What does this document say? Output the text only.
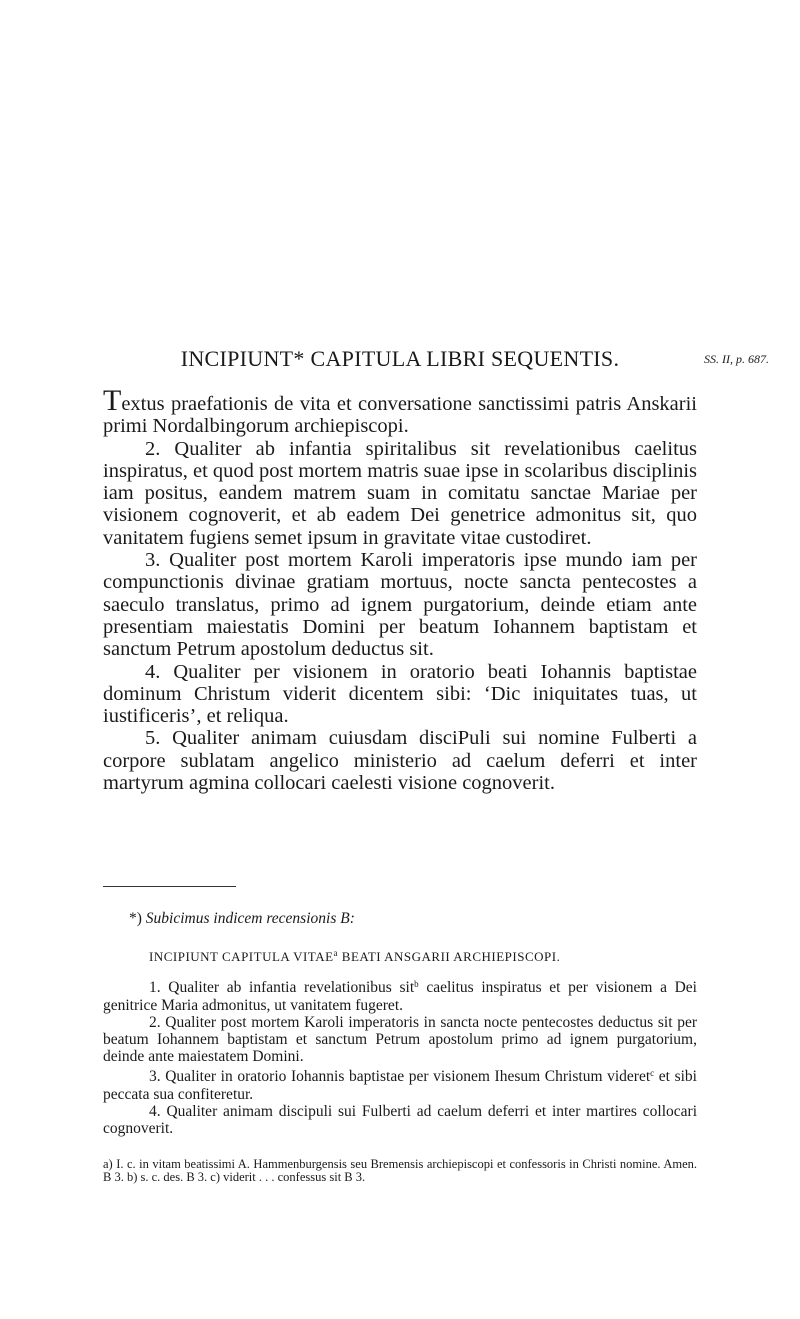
INCIPIUNT* CAPITULA LIBRI SEQUENTIS.	SS. II, p. 687.

Textus praefationis de vita et conversatione sanctissimi patris Anskarii primi Nordalbingorum archiepiscopi.

2. Qualiter ab infantia spiritalibus sit revelationibus caelitus inspiratus, et quod post mortem matris suae ipse in scolaribus disciplinis iam positus, eandem matrem suam in comitatu sanctae Mariae per visionem cognoverit, et ab eadem Dei genetrice admonitus sit, quo vanitatem fugiens semet ipsum in gravitate vitae custodiret.

3. Qualiter post mortem Karoli imperatoris ipse mundo iam per compunctionis divinae gratiam mortuus, nocte sancta pentecostes a saeculo translatus, primo ad ignem purgatorium, deinde etiam ante presentiam maiestatis Domini per beatum Iohannem baptistam et sanctum Petrum apostolum deductus sit.

4. Qualiter per visionem in oratorio beati Iohannis baptistae dominum Christum viderit dicentem sibi: ‘Dic iniquitates tuas, ut iustificeris’, et reliqua.

5. Qualiter animam cuiusdam disciPuli sui nomine Fulberti a corpore sublatam angelico ministerio ad caelum deferri et inter martyrum agmina collocari caelesti visione cognoverit.

*) Subicimus indicem recensionis B:

INCIPIUNT CAPITULA VITAE$^a$ BEATI ANSGARII ARCHIEPISCOPI.

1. Qualiter ab infantia revelationibus sit$^b$ caelitus inspiratus et per visionem a Dei genitrice Maria admonitus, ut vanitatem fugeret.

2. Qualiter post mortem Karoli imperatoris in sancta nocte pentecostes deductus sit per beatum Iohannem baptistam et sanctum Petrum apostolum primo ad ignem purgatorium, deinde ante maiestatem Domini.

3. Qualiter in oratorio Iohannis baptistae per visionem Ihesum Christum videret$^c$ et sibi peccata sua confiteretur.

4. Qualiter animam discipuli sui Fulberti ad caelum deferri et inter martires collocari cognoverit.

a) I. c. in vitam beatissimi A. Hammenburgensis seu Bremensis archiepiscopi et confessoris in Christi nomine. Amen. B 3. b) s. c. des. B 3. c) viderit . . . confessus sit B 3.
